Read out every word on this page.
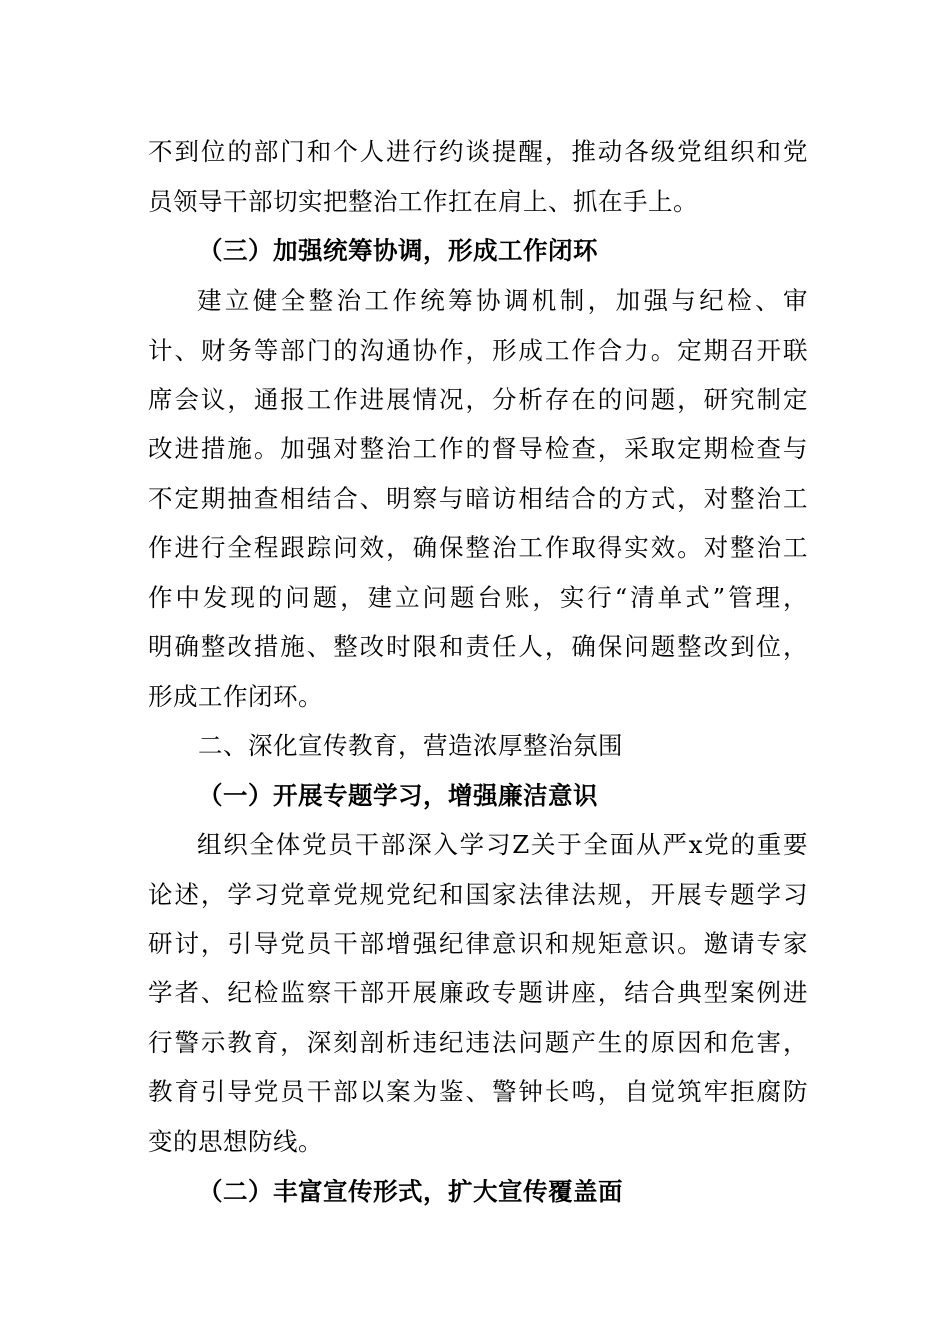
不到位的部门和个人进行约谈提醒，推动各级党组织和党
员领导干部切实把整治工作扛在肩上、抓在手上。
（三）加强统筹协调，形成工作闭环
建立健全整治工作统筹协调机制，加强与纪检、审
计、财务等部门的沟通协作，形成工作合力。定期召开联
席会议，通报工作进展情况，分析存在的问题，研究制定
改进措施。加强对整治工作的督导检查，采取定期检查与
不定期抽查相结合、明察与暗访相结合的方式，对整治工
作进行全程跟踪问效，确保整治工作取得实效。对整治工
作中发现的问题，建立问题台账，实行“清单式”管理，
明确整改措施、整改时限和责任人，确保问题整改到位，
形成工作闭环。
二、深化宣传教育，营造浓厚整治氛围
（一）开展专题学习，增强廉洁意识
组织全体党员干部深入学习Z关于全面从严x党的重要
论述，学习党章党规党纪和国家法律法规，开展专题学习
研讨，引导党员干部增强纪律意识和规矩意识。邀请专家
学者、纪检监察干部开展廉政专题讲座，结合典型案例进
行警示教育，深刻剖析违纪违法问题产生的原因和危害，
教育引导党员干部以案为鉴、警钟长鸣，自觉筑牢拒腐防
变的思想防线。
（二）丰富宣传形式，扩大宣传覆盖面
